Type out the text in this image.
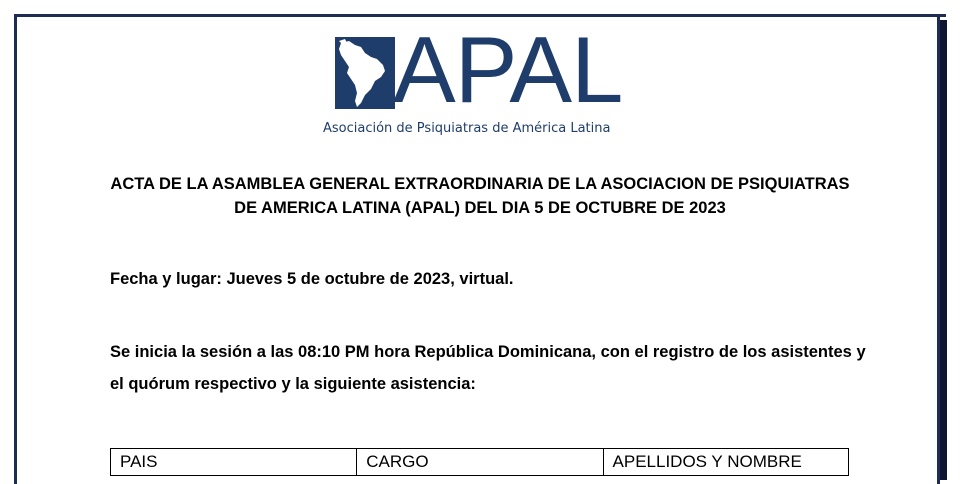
APAL
Asociación de Psiquiatras de América Latina
ACTA DE LA ASAMBLEA GENERAL EXTRAORDINARIA DE LA ASOCIACION DE PSIQUIATRAS DE AMERICA LATINA (APAL) DEL DIA 5 DE OCTUBRE DE 2023
Fecha y lugar: Jueves 5 de octubre de 2023, virtual.
Se inicia la sesión a las 08:10 PM hora República Dominicana, con el registro de los asistentes y el quórum respectivo y la siguiente asistencia:
PAIS	CARGO	APELLIDOS Y NOMBRE
